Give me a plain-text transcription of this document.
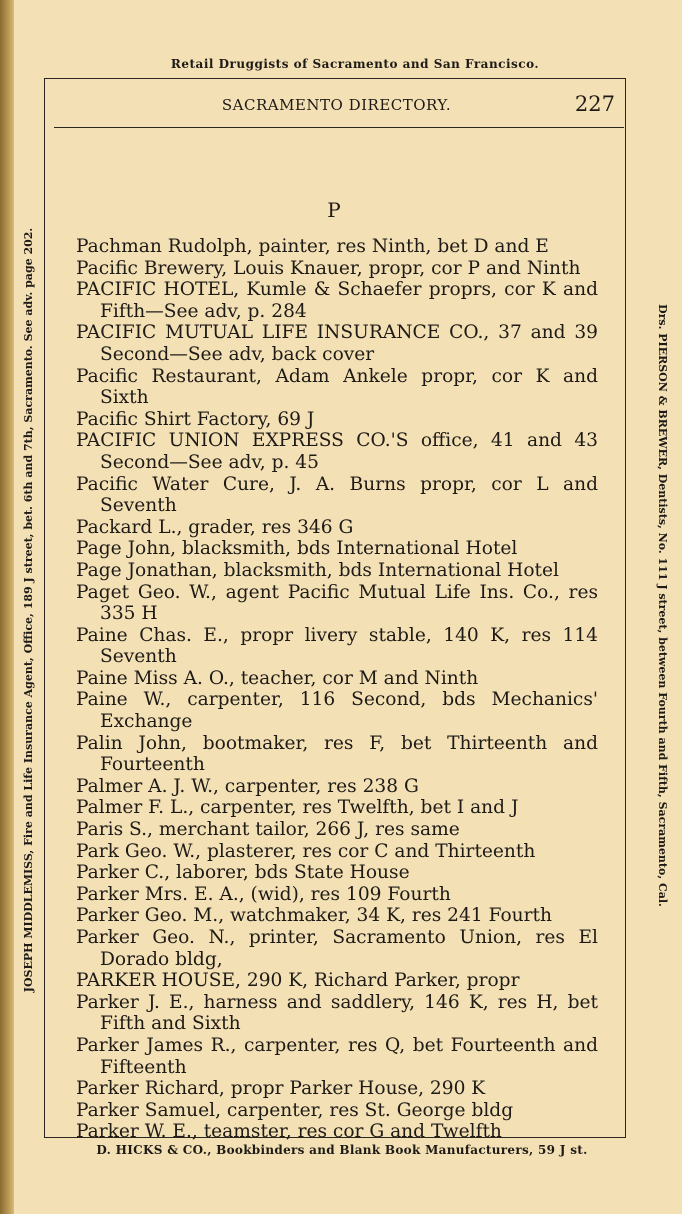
Retail Druggists of Sacramento and San Francisco.
SACRAMENTO DIRECTORY.	227
JOSEPH MIDDLEMISS, Fire and Life Insurance Agent, Office, 189 J street, bet. 6th and 7th, Sacramento. See adv. page 202.	Drs. PIERSON & BREWER, Dentists, No. 111 J street, between Fourth and Fifth, Sacramento, Cal.
P
Pachman Rudolph, painter, res Ninth, bet D and E
Pacific Brewery, Louis Knauer, propr, cor P and Ninth
PACIFIC HOTEL, Kumle & Schaefer proprs, cor K and Fifth—See adv, p. 284
PACIFIC MUTUAL LIFE INSURANCE CO., 37 and 39 Second—See adv, back cover
Pacific Restaurant, Adam Ankele propr, cor K and Sixth
Pacific Shirt Factory, 69 J
PACIFIC UNION EXPRESS CO.'S office, 41 and 43 Second—See adv, p. 45
Pacific Water Cure, J. A. Burns propr, cor L and Seventh
Packard L., grader, res 346 G
Page John, blacksmith, bds International Hotel
Page Jonathan, blacksmith, bds International Hotel
Paget Geo. W., agent Pacific Mutual Life Ins. Co., res 335 H
Paine Chas. E., propr livery stable, 140 K, res 114 Seventh
Paine Miss A. O., teacher, cor M and Ninth
Paine W., carpenter, 116 Second, bds Mechanics' Exchange
Palin John, bootmaker, res F, bet Thirteenth and Fourteenth
Palmer A. J. W., carpenter, res 238 G
Palmer F. L., carpenter, res Twelfth, bet I and J
Paris S., merchant tailor, 266 J, res same
Park Geo. W., plasterer, res cor C and Thirteenth
Parker C., laborer, bds State House
Parker Mrs. E. A., (wid), res 109 Fourth
Parker Geo. M., watchmaker, 34 K, res 241 Fourth
Parker Geo. N., printer, Sacramento Union, res El Dorado bldg,
PARKER HOUSE, 290 K, Richard Parker, propr
Parker J. E., harness and saddlery, 146 K, res H, bet Fifth and Sixth
Parker James R., carpenter, res Q, bet Fourteenth and Fifteenth
Parker Richard, propr Parker House, 290 K
Parker Samuel, carpenter, res St. George bldg
Parker W. E., teamster, res cor G and Twelfth
D. HICKS & CO., Bookbinders and Blank Book Manufacturers, 59 J st.
